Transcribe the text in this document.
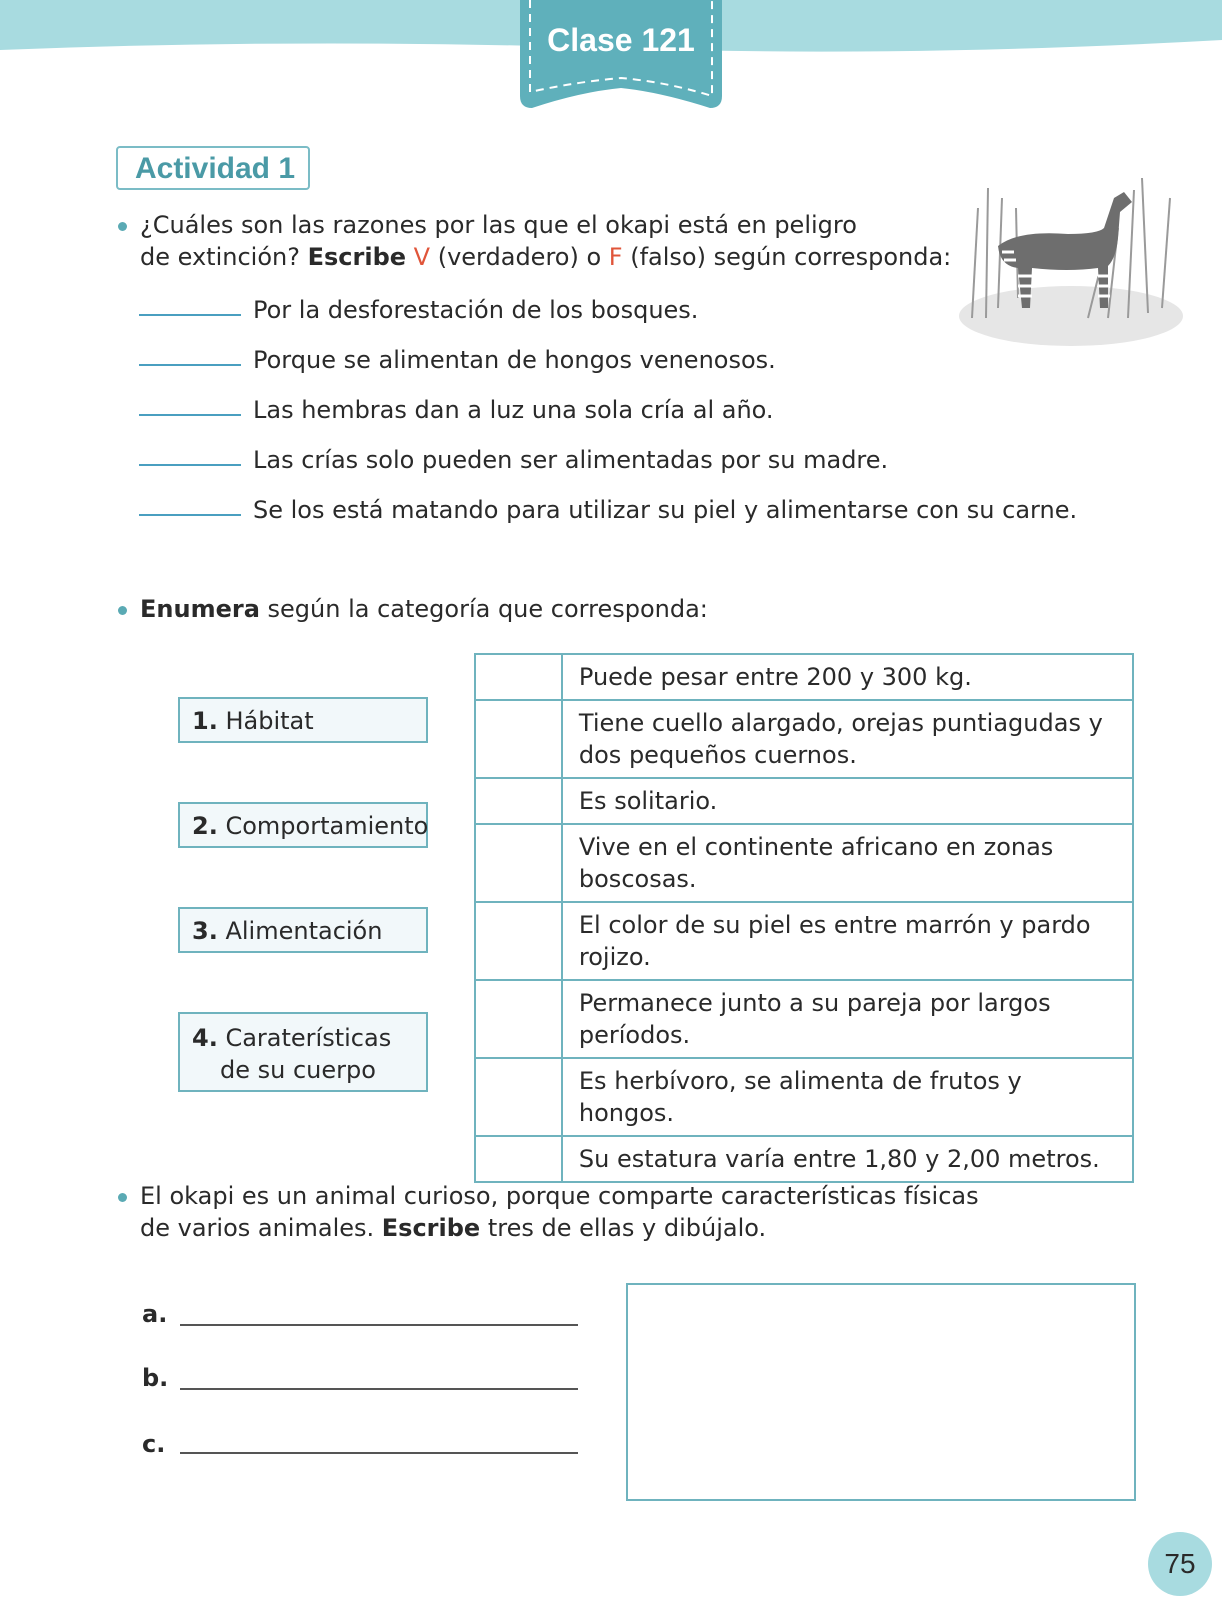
Clase 121
Actividad 1
¿Cuáles son las razones por las que el okapi está en peligro
de extinción? Escribe V (verdadero) o F (falso) según corresponda:
Por la desforestación de los bosques.
Porque se alimentan de hongos venenosos.
Las hembras dan a luz una sola cría al año.
Las crías solo pueden ser alimentadas por su madre.
Se los está matando para utilizar su piel y alimentarse con su carne.
Enumera según la categoría que corresponda:
1. Hábitat
2. Comportamiento
3. Alimentación
4. Caraterísticas
de su cuerpo
	Puede pesar entre 200 y 300 kg.
	Tiene cuello alargado, orejas puntiagudas y dos pequeños cuernos.
	Es solitario.
	Vive en el continente africano en zonas boscosas.
	El color de su piel es entre marrón y pardo rojizo.
	Permanece junto a su pareja por largos períodos.
	Es herbívoro, se alimenta de frutos y hongos.
	Su estatura varía entre 1,80 y 2,00 metros.
El okapi es un animal curioso, porque comparte características físicas
de varios animales. Escribe tres de ellas y dibújalo.
a.
b.
c.
75
